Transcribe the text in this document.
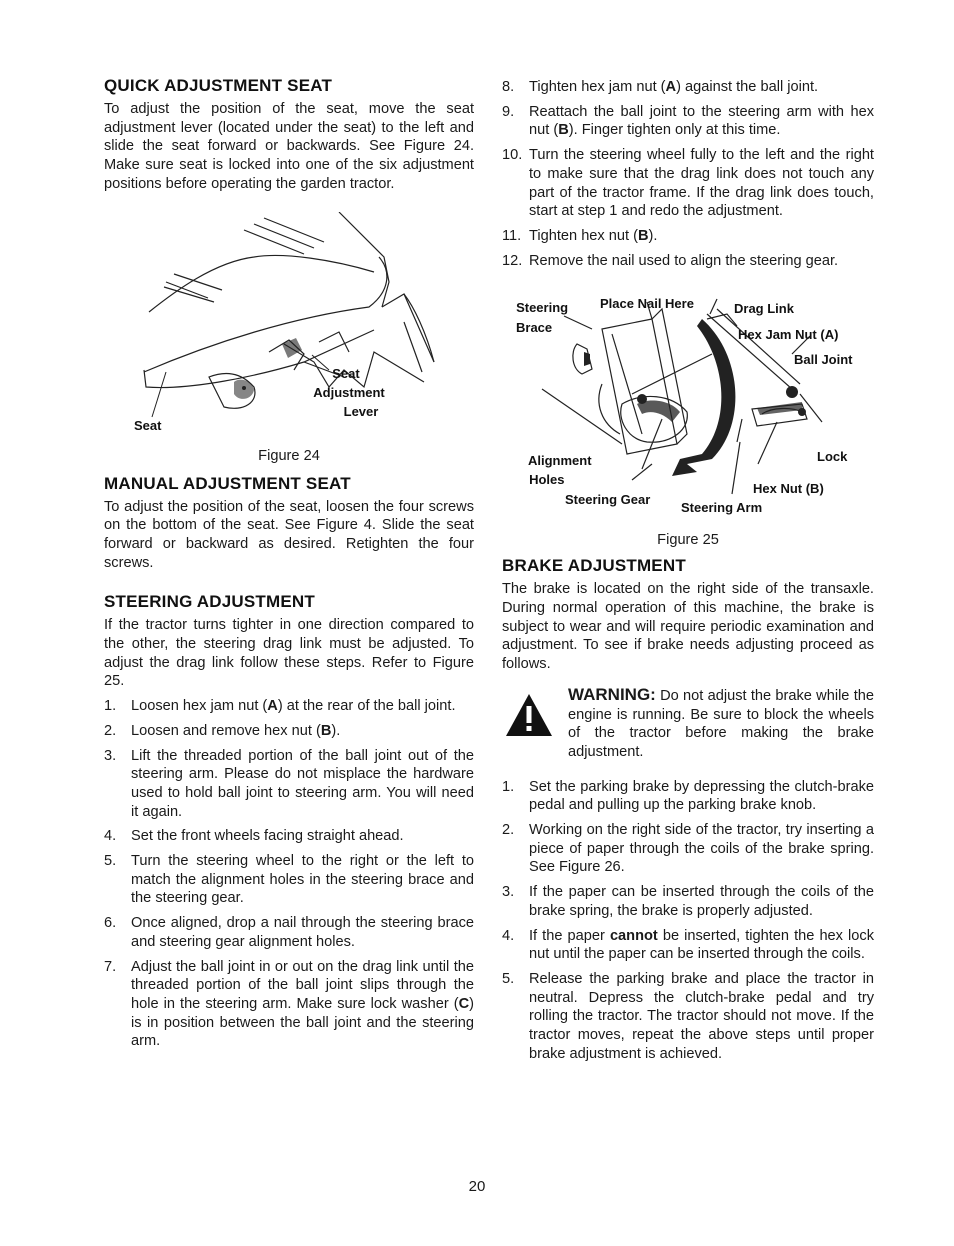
QUICK ADJUSTMENT SEAT

To adjust the position of the seat, move the seat adjustment lever (located under the seat) to the left and slide the seat forward or backwards. See Figure 24. Make sure seat is locked into one of the six adjustment positions before operating the garden tractor.

Seat
Seat
Adjustment
Lever
Figure 24
MANUAL ADJUSTMENT SEAT

To adjust the position of the seat, loosen the four screws on the bottom of the seat. See Figure 4. Slide the seat forward or backward as desired. Retighten the four screws.

STEERING ADJUSTMENT

If the tractor turns tighter in one direction compared to the other, the steering drag link must be adjusted. To adjust the drag link follow these steps. Refer to Figure 25.

1. Loosen hex jam nut (A) at the rear of the ball joint.
2. Loosen and remove hex nut (B).
3. Lift the threaded portion of the ball joint out of the steering arm. Please do not misplace the hardware used to hold ball joint to steering arm. You will need it again.
4. Set the front wheels facing straight ahead.
5. Turn the steering wheel to the right or the left to match the alignment holes in the steering brace and the steering gear.
6. Once aligned, drop a nail through the steering brace and steering gear alignment holes.
7. Adjust the ball joint in or out on the drag link until the threaded portion of the ball joint slips through the hole in the steering arm. Make sure lock washer (C) is in position between the ball joint and the steering arm.
8. Tighten hex jam nut (A) against the ball joint.
9. Reattach the ball joint to the steering arm with hex nut (B). Finger tighten only at this time.
10. Turn the steering wheel fully to the left and the right to make sure that the drag link does not touch any part of the tractor frame. If the drag link does touch, start at step 1 and redo the adjustment.
11. Tighten hex nut (B).
12. Remove the nail used to align the steering gear.
Steering
Brace
Place Nail Here	Drag Link
Hex Jam Nut (A)
Ball Joint
Lock
Alignment
Holes
Steering Gear
Hex Nut (B)
Steering Arm
Figure 25
BRAKE ADJUSTMENT

The brake is located on the right side of the transaxle. During normal operation of this machine, the brake is subject to wear and will require periodic examination and adjustment. To see if brake needs adjusting proceed as follows.

WARNING: Do not adjust the brake while the engine is running. Be sure to block the wheels of the tractor before making the brake adjustment.

1. Set the parking brake by depressing the clutch-brake pedal and pulling up the parking brake knob.
2. Working on the right side of the tractor, try inserting a piece of paper through the coils of the brake spring. See Figure 26.
3. If the paper can be inserted through the coils of the brake spring, the brake is properly adjusted.
4. If the paper cannot be inserted, tighten the hex lock nut until the paper can be inserted through the coils.
5. Release the parking brake and place the tractor in neutral. Depress the clutch-brake pedal and try rolling the tractor. The tractor should not move. If the tractor moves, repeat the above steps until proper brake adjustment is achieved.
20
